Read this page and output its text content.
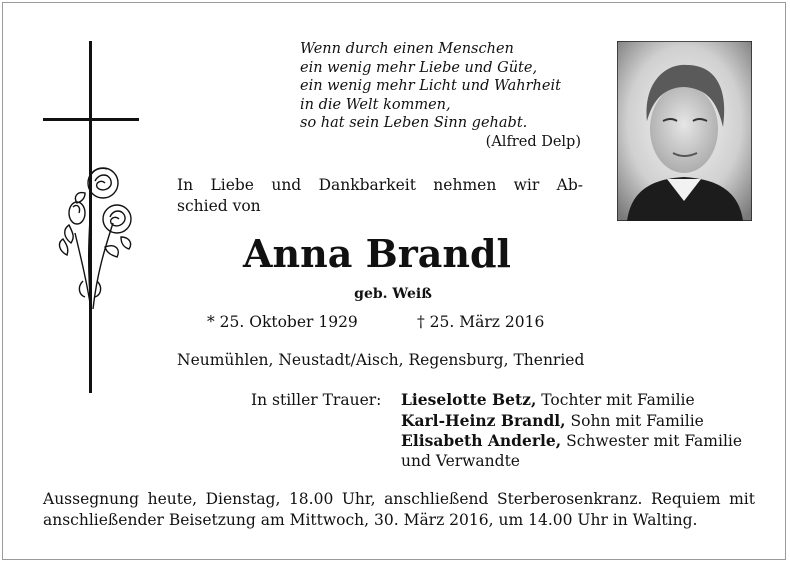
Wenn durch einen Menschen
ein wenig mehr Liebe und Güte,
ein wenig mehr Licht und Wahrheit
in die Welt kommen,
so hat sein Leben Sinn gehabt.
(Alfred Delp)
In Liebe und Dankbarkeit nehmen wir Ab-
schied von
Anna Brandl
geb. Weiß
* 25. Oktober 1929	† 25. März 2016
Neumühlen, Neustadt/Aisch, Regensburg, Thenried
In stiller Trauer: Lieselotte Betz, Tochter mit Familie
Karl-Heinz Brandl, Sohn mit Familie
Elisabeth Anderle, Schwester mit Familie
und Verwandte
Aussegnung heute, Dienstag, 18.00 Uhr, anschließend Sterberosenkranz. Requiem mit
anschließender Beisetzung am Mittwoch, 30. März 2016, um 14.00 Uhr in Walting.
